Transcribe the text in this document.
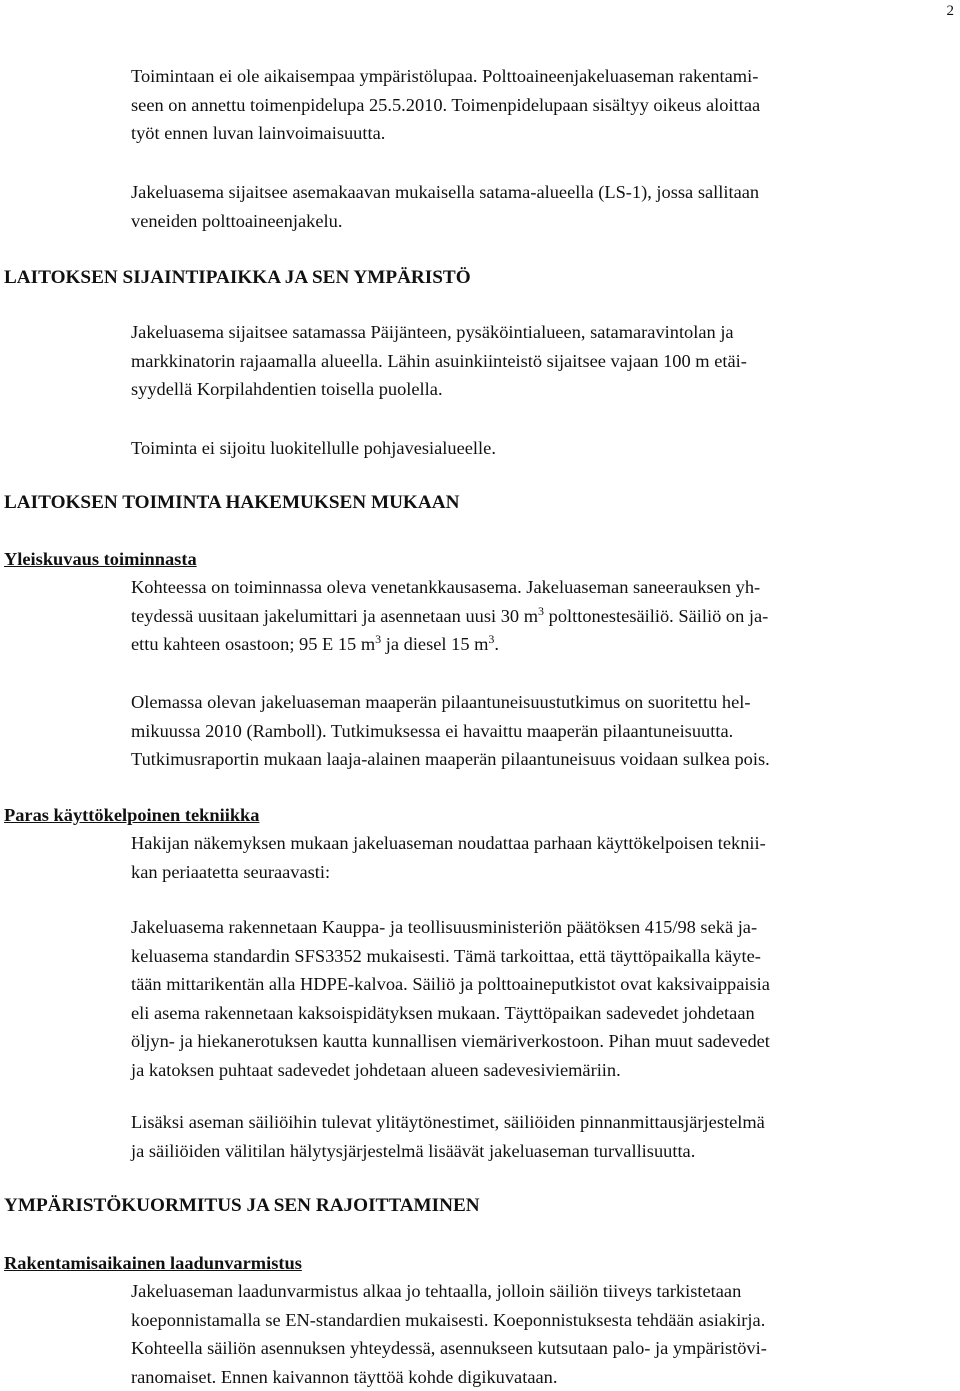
2

Toimintaan ei ole aikaisempaa ympäristölupaa. Polttoaineenjakeluaseman rakentami-
seen on annettu toimenpidelupa 25.5.2010. Toimenpidelupaan sisältyy oikeus aloittaa
työt ennen luvan lainvoimaisuutta.

Jakeluasema sijaitsee asemakaavan mukaisella satama-alueella (LS-1), jossa sallitaan
veneiden polttoaineenjakelu.

LAITOKSEN SIJAINTIPAIKKA JA SEN YMPÄRISTÖ

Jakeluasema sijaitsee satamassa Päijänteen, pysäköintialueen, satamaravintolan ja
markkinatorin rajaamalla alueella. Lähin asuinkiinteistö sijaitsee vajaan 100 m etäi-
syydellä Korpilahdentien toisella puolella.

Toiminta ei sijoitu luokitellulle pohjavesialueelle.

LAITOKSEN TOIMINTA HAKEMUKSEN MUKAAN
Yleiskuvaus toiminnasta

Kohteessa on toiminnassa oleva venetankkausasema. Jakeluaseman saneerauksen yh-
teydessä uusitaan jakelumittari ja asennetaan uusi 30 $m^3$ polttonestesäiliö. Säiliö on ja-
ettu kahteen osastoon; 95 E 15 $m^3$ ja diesel 15 $m^3$.

Olemassa olevan jakeluaseman maaperän pilaantuneisuustutkimus on suoritettu hel-
mikuussa 2010 (Ramboll). Tutkimuksessa ei havaittu maaperän pilaantuneisuutta.
Tutkimusraportin mukaan laaja-alainen maaperän pilaantuneisuus voidaan sulkea pois.

Paras käyttökelpoinen tekniikka

Hakijan näkemyksen mukaan jakeluaseman noudattaa parhaan käyttökelpoisen teknii-
kan periaatetta seuraavasti:

Jakeluasema rakennetaan Kauppa- ja teollisuusministeriön päätöksen 415/98 sekä ja-
keluasema standardin SFS3352 mukaisesti. Tämä tarkoittaa, että täyttöpaikalla käyte-
tään mittarikentän alla HDPE-kalvoa. Säiliö ja polttoaineputkistot ovat kaksivaippaisia
eli asema rakennetaan kaksoispidätyksen mukaan. Täyttöpaikan sadevedet johdetaan
öljyn- ja hiekanerotuksen kautta kunnallisen viemäriverkostoon. Pihan muut sadevedet
ja katoksen puhtaat sadevedet johdetaan alueen sadevesiviemäriin.

Lisäksi aseman säiliöihin tulevat ylitäytönestimet, säiliöiden pinnanmittausjärjestelmä
ja säiliöiden välitilan hälytysjärjestelmä lisäävät jakeluaseman turvallisuutta.

YMPÄRISTÖKUORMITUS JA SEN RAJOITTAMINEN
Rakentamisaikainen laadunvarmistus

Jakeluaseman laadunvarmistus alkaa jo tehtaalla, jolloin säiliön tiiveys tarkistetaan
koeponnistamalla se EN-standardien mukaisesti. Koeponnistuksesta tehdään asiakirja.
Kohteella säiliön asennuksen yhteydessä, asennukseen kutsutaan palo- ja ympäristövi-
ranomaiset. Ennen kaivannon täyttöä kohde digikuvataan.
